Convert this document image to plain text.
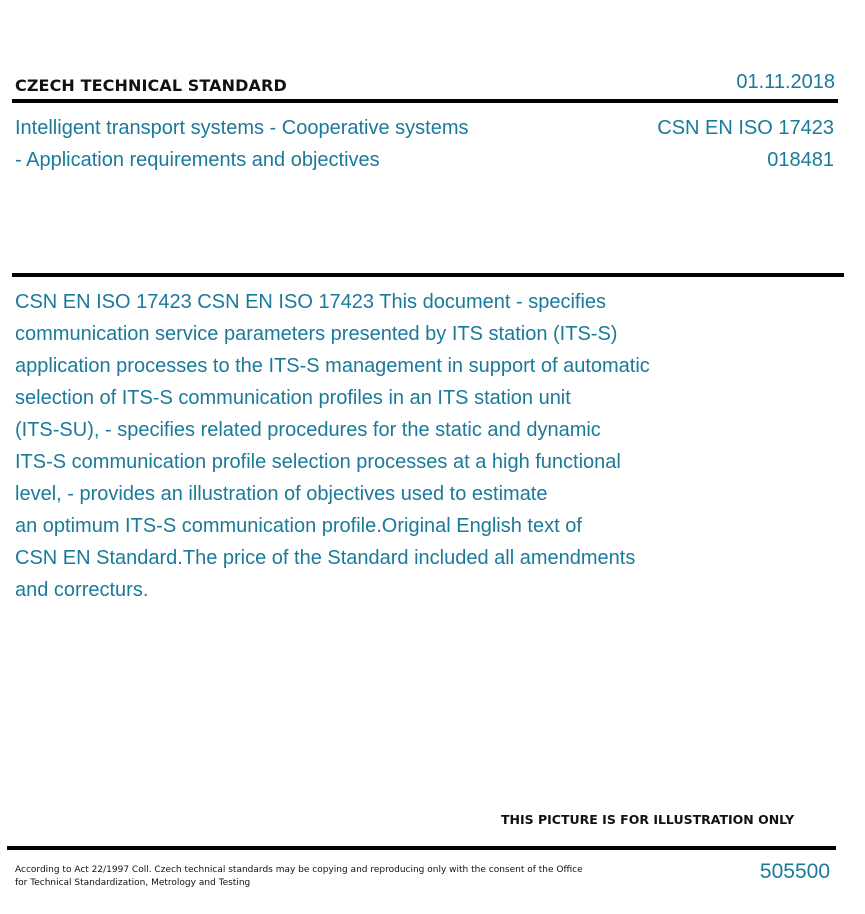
CZECH TECHNICAL STANDARD	01.11.2018
Intelligent transport systems - Cooperative systems
- Application requirements and objectives
CSN EN ISO 17423
018481
CSN EN ISO 17423 CSN EN ISO 17423 This document - specifies
communication service parameters presented by ITS station (ITS-S)
application processes to the ITS-S management in support of automatic
selection of ITS-S communication profiles in an ITS station unit
(ITS-SU), - specifies related procedures for the static and dynamic
ITS-S communication profile selection processes at a high functional
level, - provides an illustration of objectives used to estimate
an optimum ITS-S communication profile.Original English text of
CSN EN Standard.The price of the Standard included all amendments
and correcturs.
THIS PICTURE IS FOR ILLUSTRATION ONLY
According to Act 22/1997 Coll. Czech technical standards may be copying and reproducing only with the consent of the Office
for Technical Standardization, Metrology and Testing	505500
